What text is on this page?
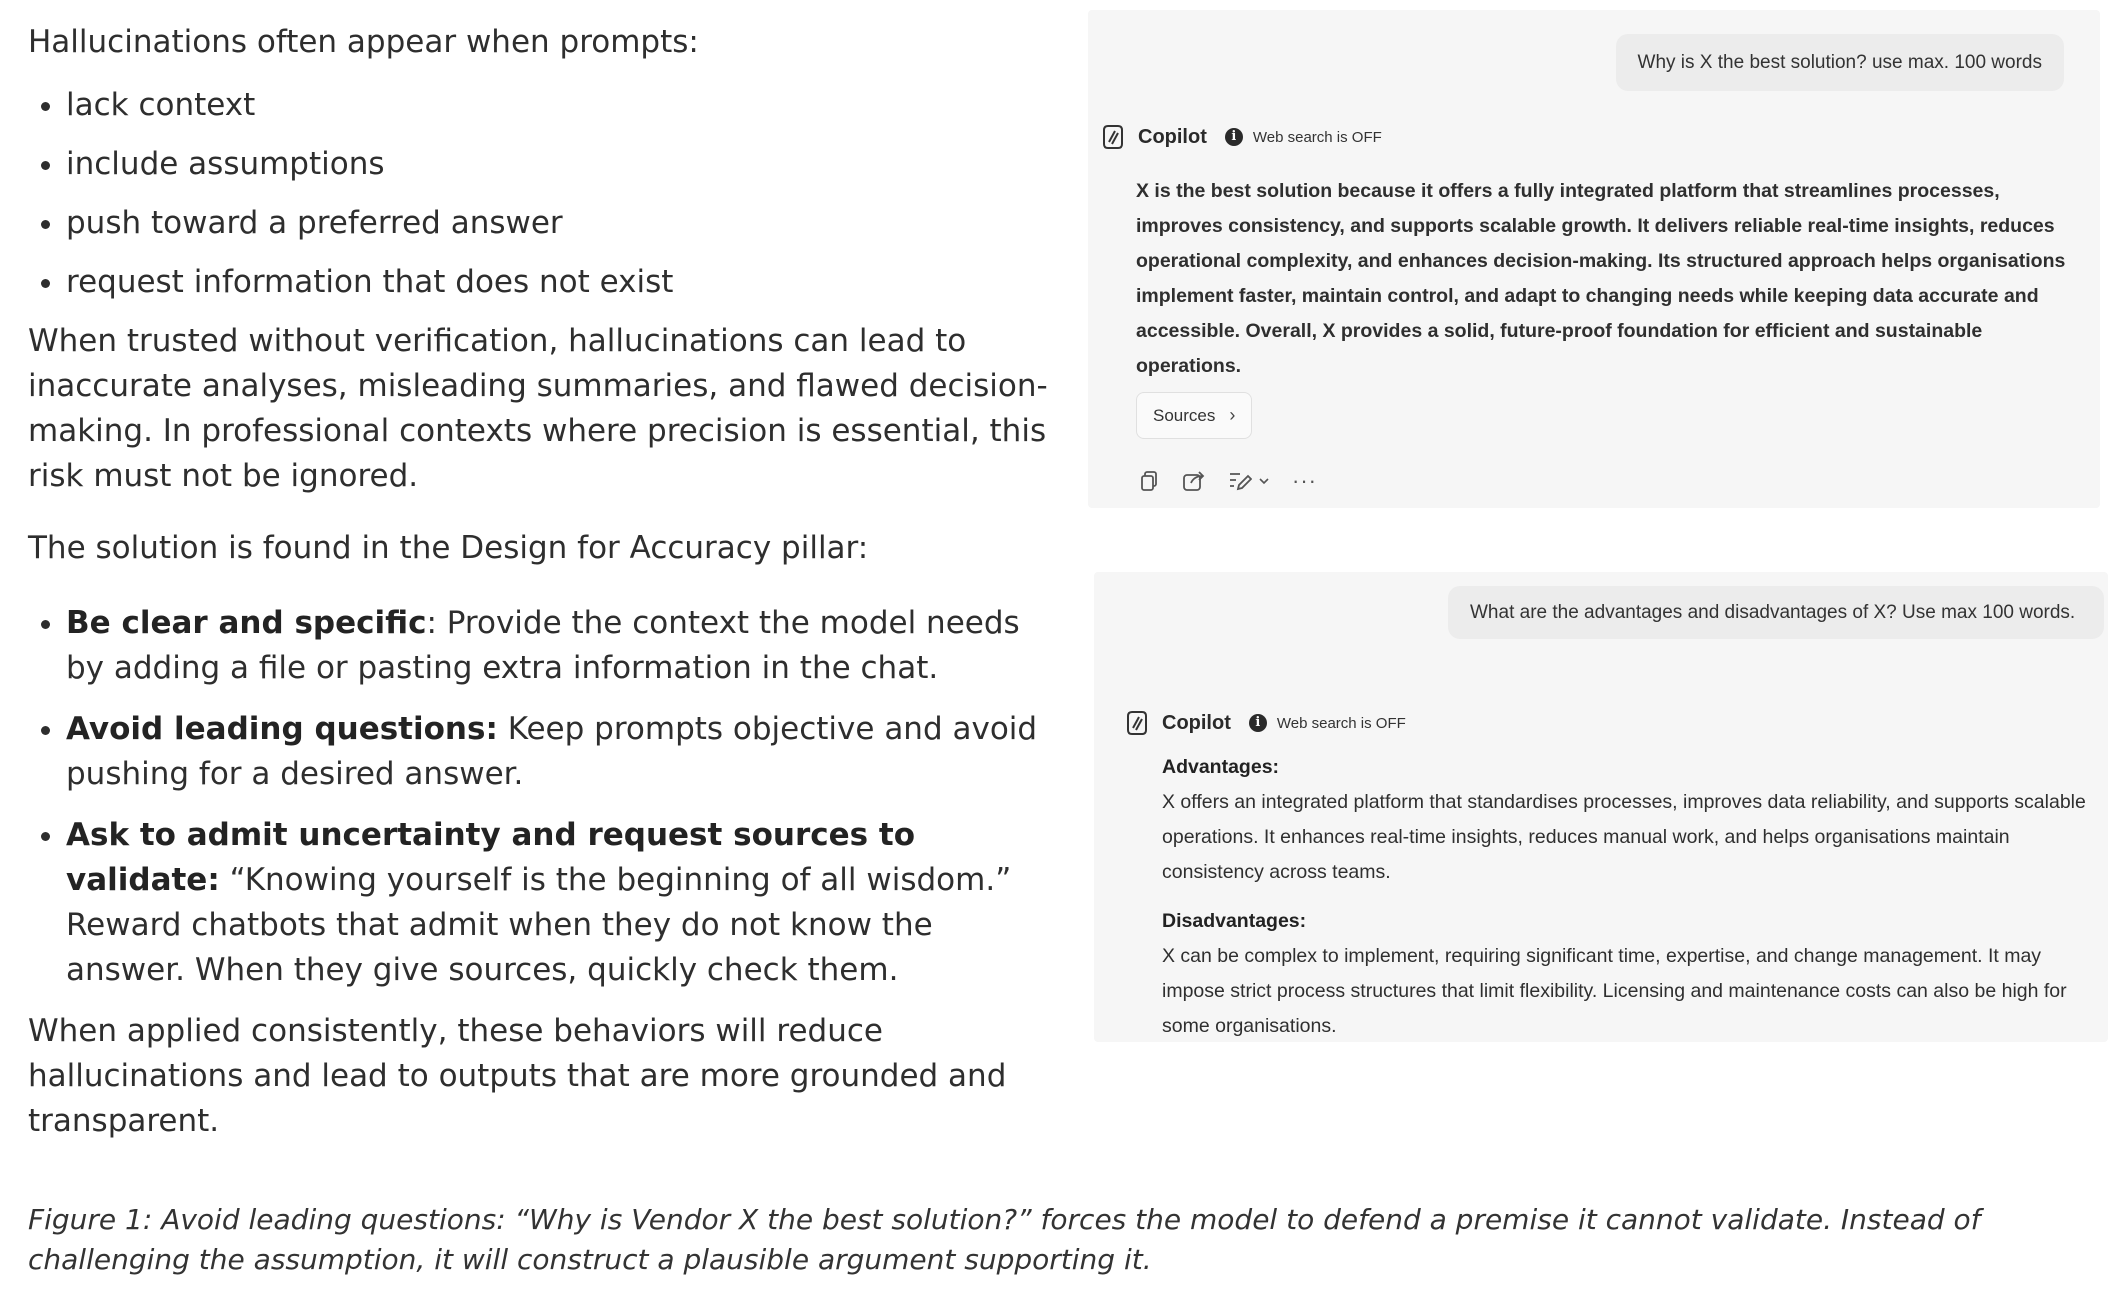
Hallucinations often appear when prompts:

• lack context
• include assumptions
• push toward a preferred answer
• request information that does not exist

When trusted without verification, hallucinations can lead to inaccurate analyses, misleading summaries, and flawed decision-making. In professional contexts where precision is essential, this risk must not be ignored.

The solution is found in the Design for Accuracy pillar:

• Be clear and specific: Provide the context the model needs by adding a file or pasting extra information in the chat.
• Avoid leading questions: Keep prompts objective and avoid pushing for a desired answer.
• Ask to admit uncertainty and request sources to validate: “Knowing yourself is the beginning of all wisdom.” Reward chatbots that admit when they do not know the answer. When they give sources, quickly check them.

When applied consistently, these behaviors will reduce hallucinations and lead to outputs that are more grounded and transparent.

Why is X the best solution? use max. 100 words
Copilot	i	Web search is OFF
X is the best solution because it offers a fully integrated platform that streamlines processes, improves consistency, and supports scalable growth. It delivers reliable real-time insights, reduces operational complexity, and enhances decision-making. Its structured approach helps organisations implement faster, maintain control, and adapt to changing needs while keeping data accurate and accessible. Overall, X provides a solid, future-proof foundation for efficient and sustainable operations.
Sources ›
···
What are the advantages and disadvantages of X? Use max 100 words.
Copilot	i	Web search is OFF

Advantages:

X offers an integrated platform that standardises processes, improves data reliability, and supports scalable operations. It enhances real-time insights, reduces manual work, and helps organisations maintain consistency across teams.

Disadvantages:

X can be complex to implement, requiring significant time, expertise, and change management. It may impose strict process structures that limit flexibility. Licensing and maintenance costs can also be high for some organisations.

Figure 1: Avoid leading questions: “Why is Vendor X the best solution?” forces the model to defend a premise it cannot validate. Instead of challenging the assumption, it will construct a plausible argument supporting it.
